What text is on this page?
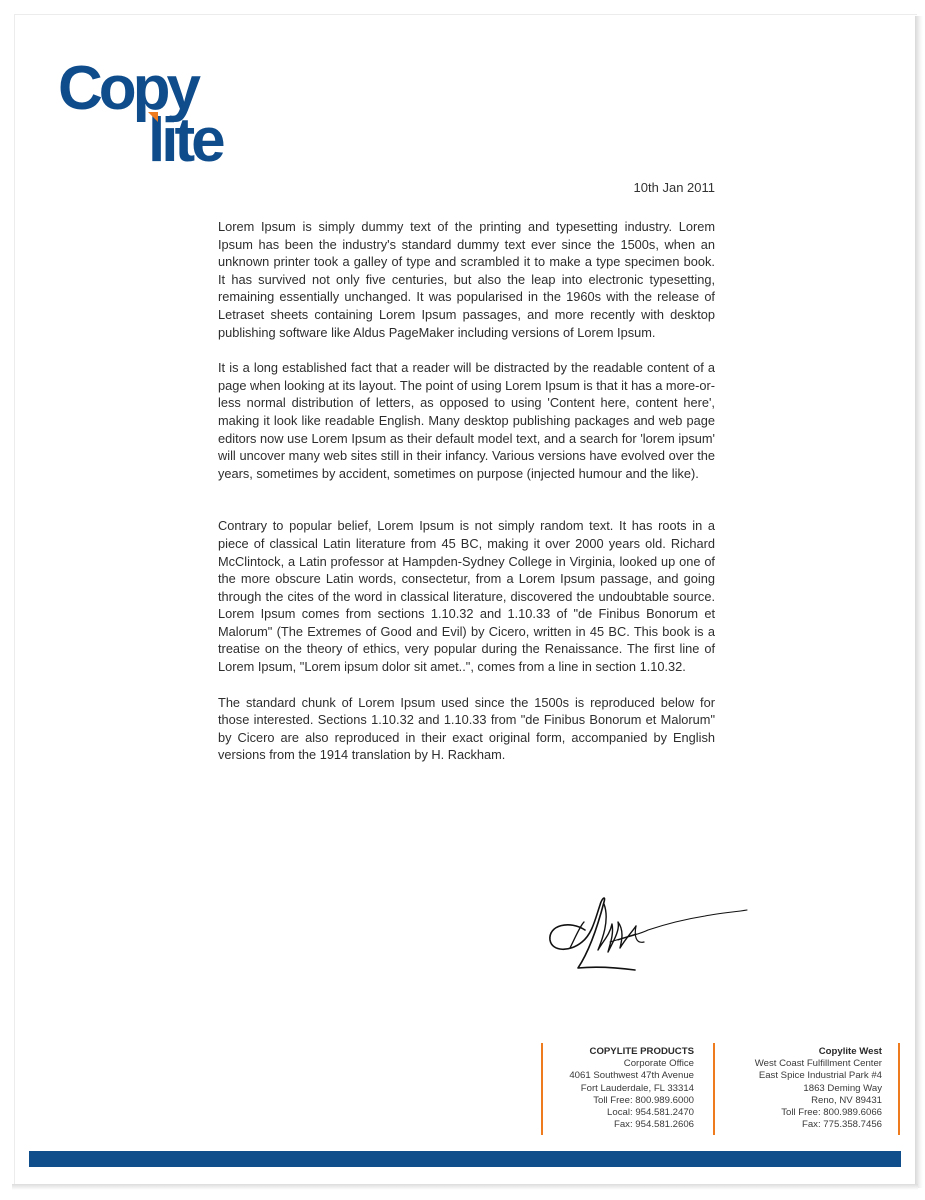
Copy
lite
10th Jan 2011

Lorem Ipsum is simply dummy text of the printing and typesetting industry. Lorem Ipsum has been the industry's standard dummy text ever since the 1500s, when an unknown printer took a galley of type and scrambled it to make a type specimen book. It has survived not only five centuries, but also the leap into electronic typesetting, remaining essentially unchanged. It was popularised in the 1960s with the release of Letraset sheets containing Lorem Ipsum passages, and more recently with desktop publishing software like Aldus PageMaker including versions of Lorem Ipsum.

It is a long established fact that a reader will be distracted by the readable content of a page when looking at its layout. The point of using Lorem Ipsum is that it has a more-or-less normal distribution of letters, as opposed to using 'Content here, content here', making it look like readable English. Many desktop publishing packages and web page editors now use Lorem Ipsum as their default model text, and a search for 'lorem ipsum' will uncover many web sites still in their infancy. Various versions have evolved over the years, sometimes by accident, sometimes on purpose (injected humour and the like).

Contrary to popular belief, Lorem Ipsum is not simply random text. It has roots in a piece of classical Latin literature from 45 BC, making it over 2000 years old. Richard McClintock, a Latin professor at Hampden-Sydney College in Virginia, looked up one of the more obscure Latin words, consectetur, from a Lorem Ipsum passage, and going through the cites of the word in classical literature, discovered the undoubtable source. Lorem Ipsum comes from sections 1.10.32 and 1.10.33 of "de Finibus Bonorum et Malorum" (The Extremes of Good and Evil) by Cicero, written in 45 BC. This book is a treatise on the theory of ethics, very popular during the Renaissance. The first line of Lorem Ipsum, "Lorem ipsum dolor sit amet..", comes from a line in section 1.10.32.

The standard chunk of Lorem Ipsum used since the 1500s is reproduced below for those interested. Sections 1.10.32 and 1.10.33 from "de Finibus Bonorum et Malorum" by Cicero are also reproduced in their exact original form, accompanied by English versions from the 1914 translation by H. Rackham.

COPYLITE PRODUCTS
Corporate Office
4061 Southwest 47th Avenue
Fort Lauderdale, FL 33314
Toll Free: 800.989.6000
Local: 954.581.2470
Fax: 954.581.2606
Copylite West
West Coast Fulfillment Center
East Spice Industrial Park #4
1863 Deming Way
Reno, NV 89431
Toll Free: 800.989.6066
Fax: 775.358.7456
